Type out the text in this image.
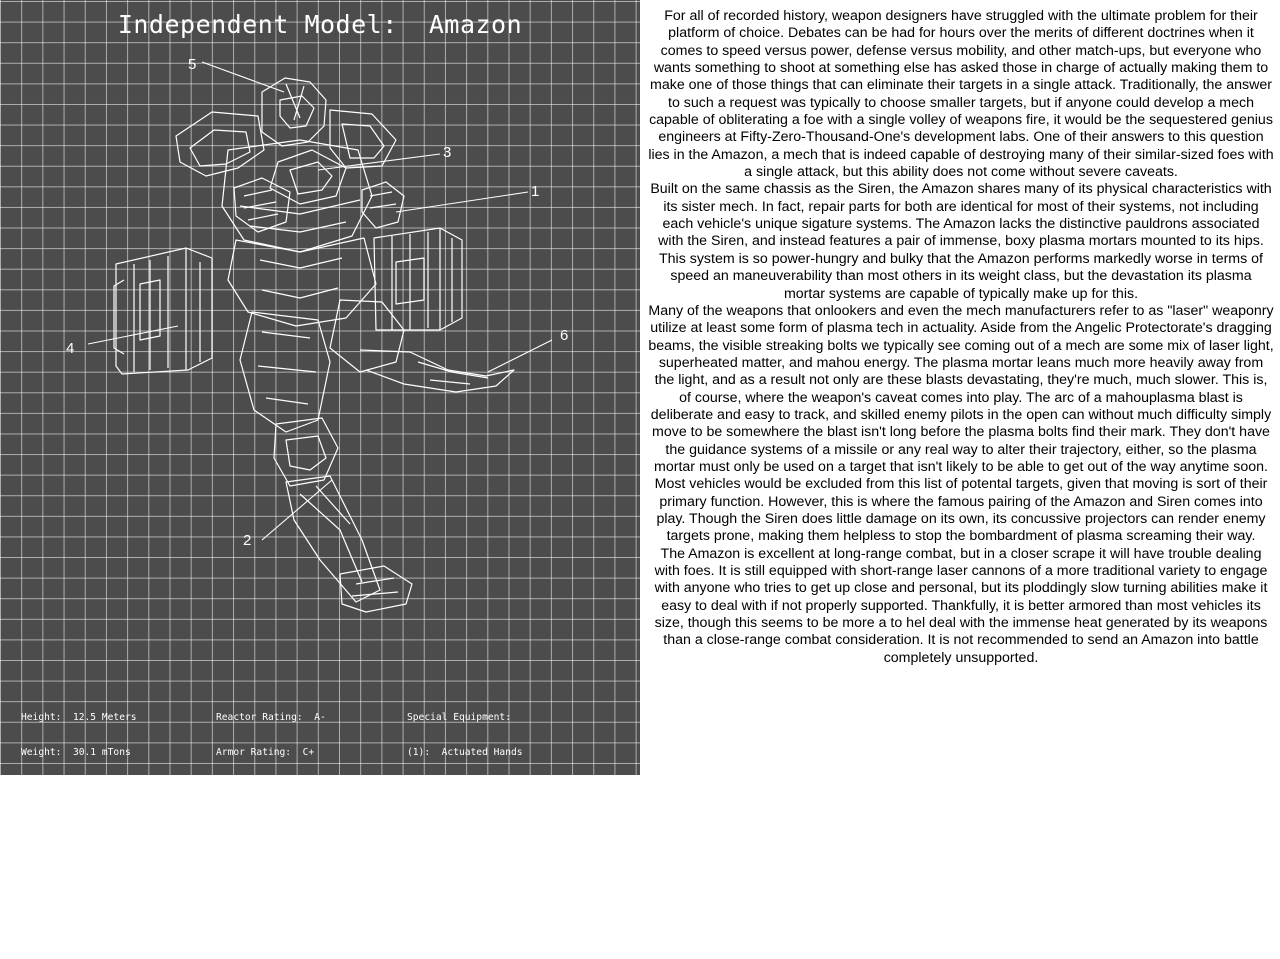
Independent Model:  Amazon
1
2
3
4
5
6

Height:  12.5 Meters

Weight:  30.1 mTons

Production Year:  1020

Developed:  LOCI 50-0-1000-1

Manufactured:  LOCI Planets

Role:  Area Denial

Spaceflight/BioWarp:  Yes/Yes

Reactor Rating:  A-

Armor Rating:  C+

Primary Armament Rating:  A+

Secondary Armament Rating:  E

Top Speed Rating:  C-

Shield Rating:  C

Maneuver Rating:  B

Special Equipment:

(1):  Actuated Hands

(2):  Stable-Lock Legs

(3):  Cockpit Double-Plating

(4):  Plasma Mortars

(5):  Predictive Targeting

(6):  Impact Absorbtion Knees

For all of recorded history, weapon designers have struggled with the ultimate problem for their platform of choice. Debates can be had for hours over the merits of different doctrines when it comes to speed versus power, defense versus mobility, and other match-ups, but everyone who wants something to shoot at something else has asked those in charge of actually making them to make one of those things that can eliminate their targets in a single attack. Traditionally, the answer to such a request was typically to choose smaller targets, but if anyone could develop a mech capable of obliterating a foe with a single volley of weapons fire, it would be the sequestered genius engineers at Fifty-Zero-Thousand-One's development labs. One of their answers to this question lies in the Amazon, a mech that is indeed capable of destroying many of their similar-sized foes with a single attack, but this ability does not come without severe caveats.

Built on the same chassis as the Siren, the Amazon shares many of its physical characteristics with its sister mech. In fact, repair parts for both are identical for most of their systems, not including each vehicle's unique sigature systems. The Amazon lacks the distinctive pauldrons associated with the Siren, and instead features a pair of immense, boxy plasma mortars mounted to its hips. This system is so power-hungry and bulky that the Amazon performs markedly worse in terms of speed an maneuverability than most others in its weight class, but the devastation its plasma mortar systems are capable of typically make up for this.

Many of the weapons that onlookers and even the mech manufacturers refer to as "laser" weaponry utilize at least some form of plasma tech in actuality. Aside from the Angelic Protectorate's dragging beams, the visible streaking bolts we typically see coming out of a mech are some mix of laser light, superheated matter, and mahou energy. The plasma mortar leans much more heavily away from the light, and as a result not only are these blasts devastating, they're much, much slower. This is, of course, where the weapon's caveat comes into play. The arc of a mahouplasma blast is deliberate and easy to track, and skilled enemy pilots in the open can without much difficulty simply move to be somewhere the blast isn't long before the plasma bolts find their mark. They don't have the guidance systems of a missile or any real way to alter their trajectory, either, so the plasma mortar must only be used on a target that isn't likely to be able to get out of the way anytime soon. Most vehicles would be excluded from this list of potental targets, given that moving is sort of their primary function. However, this is where the famous pairing of the Amazon and Siren comes into play. Though the Siren does little damage on its own, its concussive projectors can render enemy targets prone, making them helpless to stop the bombardment of plasma screaming their way.

The Amazon is excellent at long-range combat, but in a closer scrape it will have trouble dealing with foes. It is still equipped with short-range laser cannons of a more traditional variety to engage with anyone who tries to get up close and personal, but its ploddingly slow turning abilities make it easy to deal with if not properly supported. Thankfully, it is better armored than most vehicles its size, though this seems to be more a to hel deal with the immense heat generated by its weapons than a close-range combat consideration. It is not recommended to send an Amazon into battle completely unsupported.
